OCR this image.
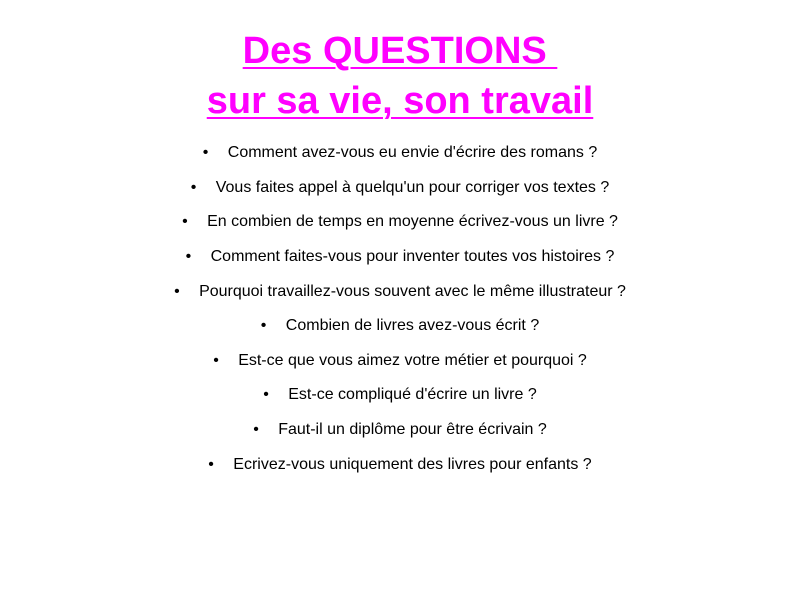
Des QUESTIONS
sur sa vie, son travail
•	Comment avez-vous eu envie d'écrire des romans ?
•	Vous faites appel à quelqu'un pour corriger vos textes ?
•	En combien de temps en moyenne écrivez-vous un livre ?
•	Comment faites-vous pour inventer toutes vos histoires ?
•	Pourquoi travaillez-vous souvent avec le même illustrateur ?
•	Combien de livres avez-vous écrit ?
•	Est-ce que vous aimez votre métier et pourquoi ?
•	Est-ce compliqué d'écrire un livre ?
•	Faut-il un diplôme pour être écrivain ?
•	Ecrivez-vous uniquement des livres pour enfants ?
